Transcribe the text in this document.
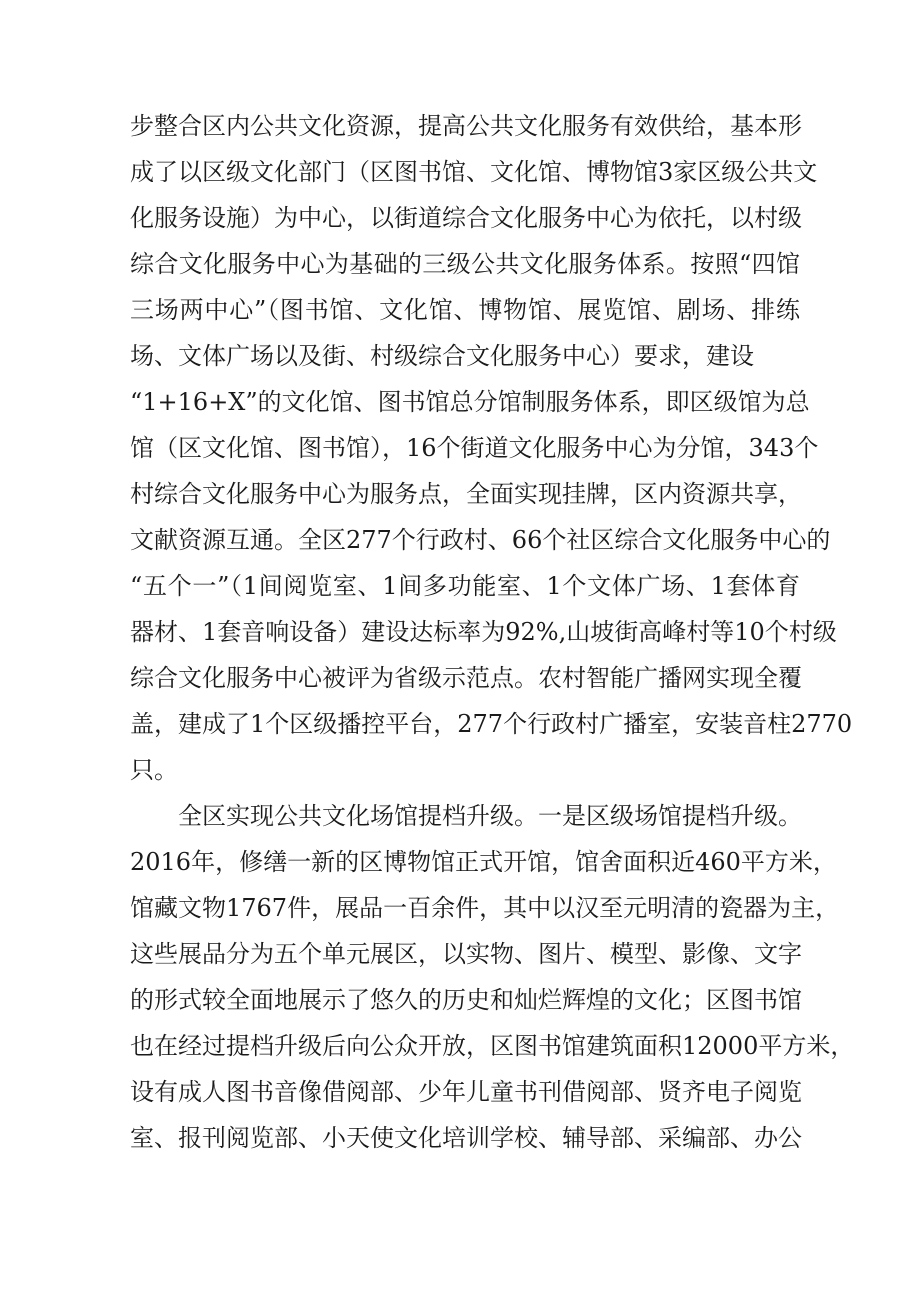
步整合区内公共文化资源，提高公共文化服务有效供给，基本形
成了以区级文化部门（区图书馆、文化馆、博物馆3家区级公共文
化服务设施）为中心，以街道综合文化服务中心为依托，以村级
综合文化服务中心为基础的三级公共文化服务体系。按照“四馆
三场两中心”（图书馆、文化馆、博物馆、展览馆、剧场、排练
场、文体广场以及街、村级综合文化服务中心）要求，建设
“1+16+X”的文化馆、图书馆总分馆制服务体系，即区级馆为总
馆（区文化馆、图书馆），16个街道文化服务中心为分馆，343个
村综合文化服务中心为服务点，全面实现挂牌，区内资源共享，
文献资源互通。全区277个行政村、66个社区综合文化服务中心的
“五个一”（1间阅览室、1间多功能室、1个文体广场、1套体育
器材、1套音响设备）建设达标率为92%,山坡街高峰村等10个村级
综合文化服务中心被评为省级示范点。农村智能广播网实现全覆
盖，建成了1个区级播控平台，277个行政村广播室，安装音柱2770
只。
全区实现公共文化场馆提档升级。一是区级场馆提档升级。
2016年，修缮一新的区博物馆正式开馆，馆舍面积近460平方米，
馆藏文物1767件，展品一百余件，其中以汉至元明清的瓷器为主，
这些展品分为五个单元展区，以实物、图片、模型、影像、文字
的形式较全面地展示了悠久的历史和灿烂辉煌的文化；区图书馆
也在经过提档升级后向公众开放，区图书馆建筑面积12000平方米，
设有成人图书音像借阅部、少年儿童书刊借阅部、贤齐电子阅览
室、报刊阅览部、小天使文化培训学校、辅导部、采编部、办公
